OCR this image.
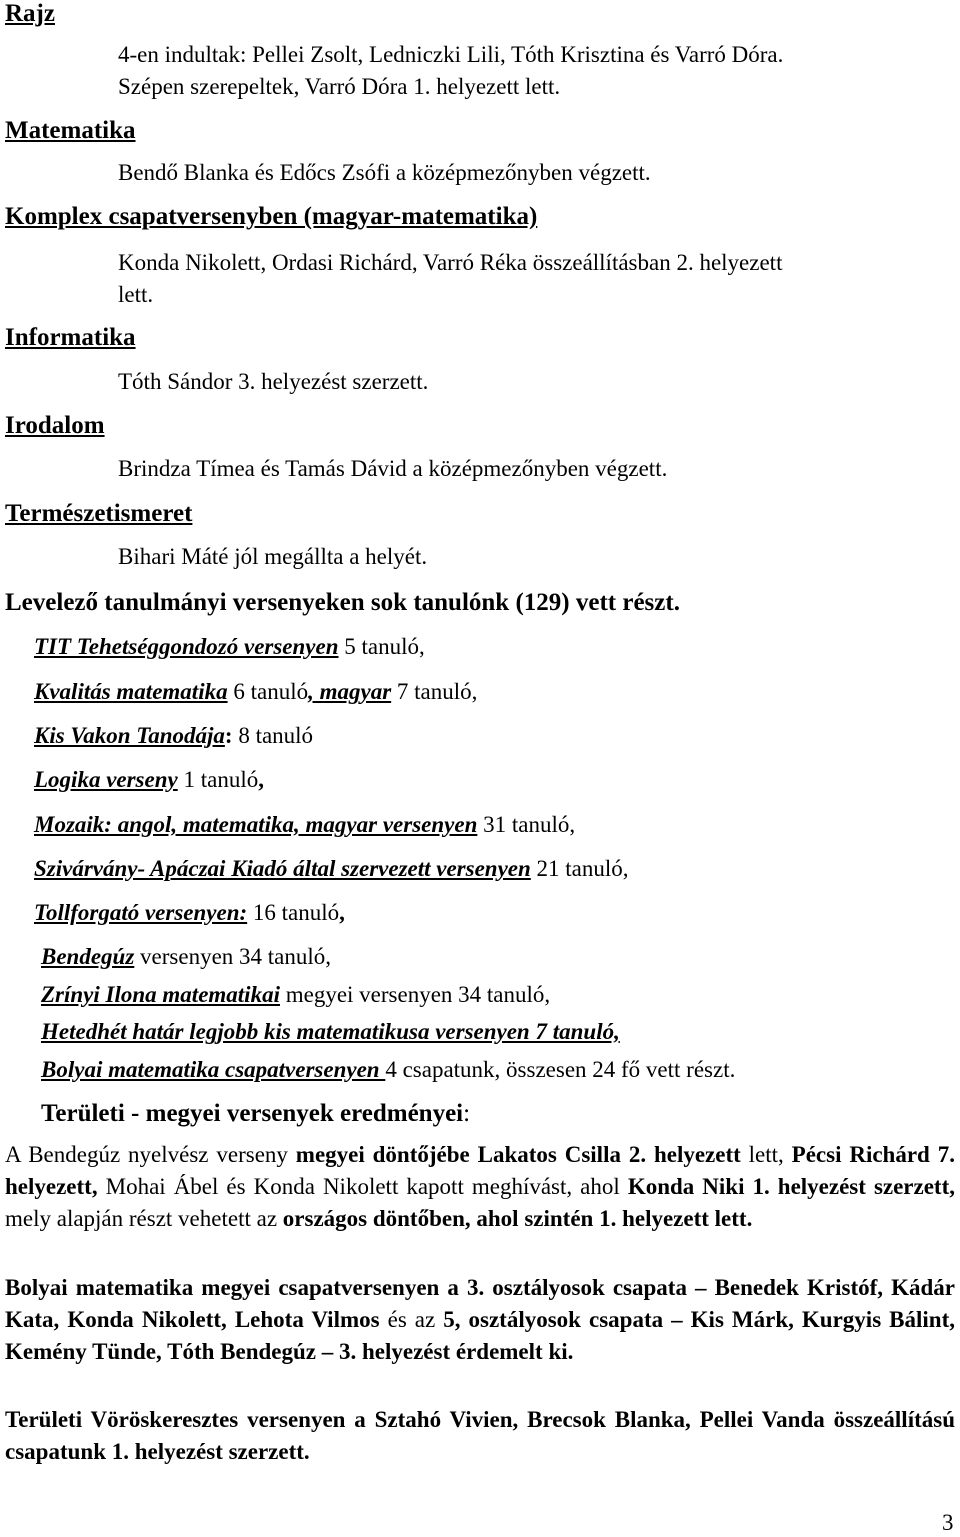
Rajz
4-en indultak: Pellei Zsolt, Ledniczki Lili, Tóth Krisztina és Varró Dóra.
Szépen szerepeltek, Varró Dóra 1. helyezett lett.
Matematika
Bendő Blanka és Edőcs Zsófi a középmezőnyben végzett.
Komplex csapatversenyben (magyar-matematika)
Konda Nikolett, Ordasi Richárd, Varró Réka összeállításban 2. helyezett
lett.
Informatika
Tóth Sándor 3. helyezést szerzett.
Irodalom
Brindza Tímea és Tamás Dávid a középmezőnyben végzett.
Természetismeret
Bihari Máté jól megállta a helyét.
Levelező tanulmányi versenyeken sok tanulónk (129) vett részt.
TIT Tehetséggondozó versenyen 5 tanuló,
Kvalitás matematika 6 tanuló, magyar 7 tanuló,
Kis Vakon Tanodája: 8 tanuló
Logika verseny 1 tanuló,
Mozaik: angol, matematika, magyar versenyen 31 tanuló,
Szivárvány- Apáczai Kiadó által szervezett versenyen 21 tanuló,
Tollforgató versenyen: 16 tanuló,
Bendegúz versenyen 34 tanuló,
Zrínyi Ilona matematikai megyei versenyen 34 tanuló,
Hetedhét határ legjobb kis matematikusa versenyen 7 tanuló,
Bolyai matematika csapatversenyen 4 csapatunk, összesen 24 fő vett részt.
Területi - megyei versenyek eredményei:
A Bendegúz nyelvész verseny megyei döntőjébe Lakatos Csilla 2. helyezett lett, Pécsi Richárd 7. helyezett, Mohai Ábel és Konda Nikolett kapott meghívást, ahol Konda Niki 1. helyezést szerzett, mely alapján részt vehetett az országos döntőben, ahol szintén 1. helyezett lett.
Bolyai matematika megyei csapatversenyen a 3. osztályosok csapata – Benedek Kristóf, Kádár Kata, Konda Nikolett, Lehota Vilmos és az 5, osztályosok csapata – Kis Márk, Kurgyis Bálint, Kemény Tünde, Tóth Bendegúz – 3. helyezést érdemelt ki.
Területi Vöröskeresztes versenyen a Sztahó Vivien, Brecsok Blanka, Pellei Vanda összeállítású csapatunk 1. helyezést szerzett.
3
